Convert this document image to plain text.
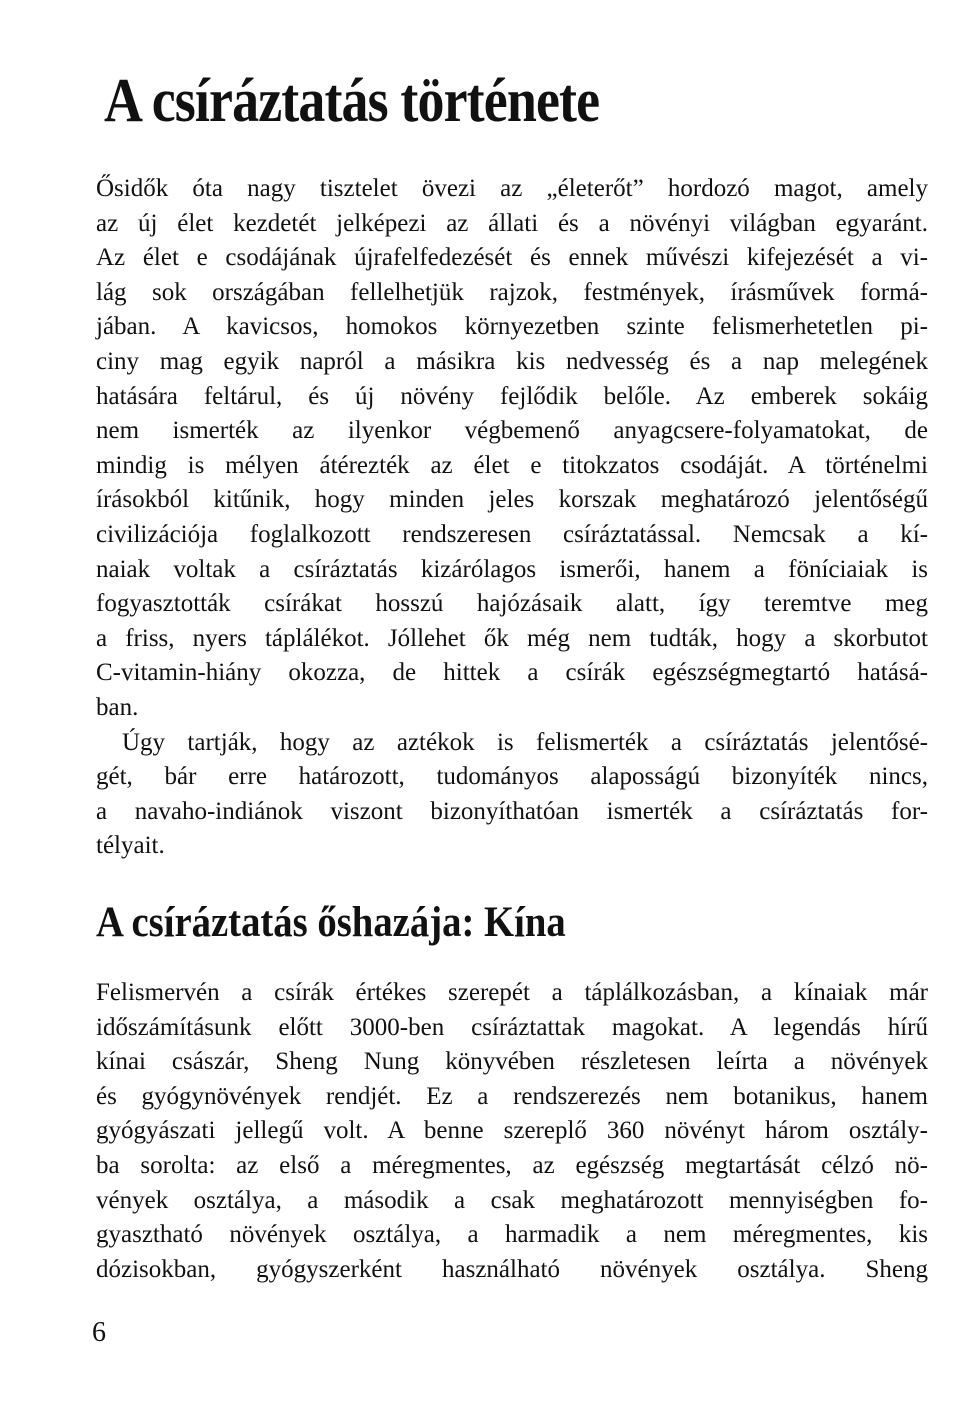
A csíráztatás története
Ősidők óta nagy tisztelet övezi az „életerőt” hordozó magot, amely
az új élet kezdetét jelképezi az állati és a növényi világban egyaránt.
Az élet e csodájának újrafelfedezését és ennek művészi kifejezését a vi-
lág sok országában fellelhetjük rajzok, festmények, írásművek formá-
jában. A kavicsos, homokos környezetben szinte felismerhetetlen pi-
ciny mag egyik napról a másikra kis nedvesség és a nap melegének
hatására feltárul, és új növény fejlődik belőle. Az emberek sokáig
nem ismerték az ilyenkor végbemenő anyagcsere-folyamatokat, de
mindig is mélyen átérezték az élet e titokzatos csodáját. A történelmi
írásokból kitűnik, hogy minden jeles korszak meghatározó jelentőségű
civilizációja foglalkozott rendszeresen csíráztatással. Nemcsak a kí-
naiak voltak a csíráztatás kizárólagos ismerői, hanem a föníciaiak is
fogyasztották csírákat hosszú hajózásaik alatt, így teremtve meg
a friss, nyers táplálékot. Jóllehet ők még nem tudták, hogy a skorbutot
C-vitamin-hiány okozza, de hittek a csírák egészségmegtartó hatásá-
ban.
Úgy tartják, hogy az aztékok is felismerték a csíráztatás jelentősé-
gét, bár erre határozott, tudományos alaposságú bizonyíték nincs,
a navaho-indiánok viszont bizonyíthatóan ismerték a csíráztatás for-
télyait.
A csíráztatás őshazája: Kína
Felismervén a csírák értékes szerepét a táplálkozásban, a kínaiak már
időszámításunk előtt 3000-ben csíráztattak magokat. A legendás hírű
kínai császár, Sheng Nung könyvében részletesen leírta a növények
és gyógynövények rendjét. Ez a rendszerezés nem botanikus, hanem
gyógyászati jellegű volt. A benne szereplő 360 növényt három osztály-
ba sorolta: az első a méregmentes, az egészség megtartását célzó nö-
vények osztálya, a második a csak meghatározott mennyiségben fo-
gyasztható növények osztálya, a harmadik a nem méregmentes, kis
dózisokban, gyógyszerként használható növények osztálya. Sheng
6
